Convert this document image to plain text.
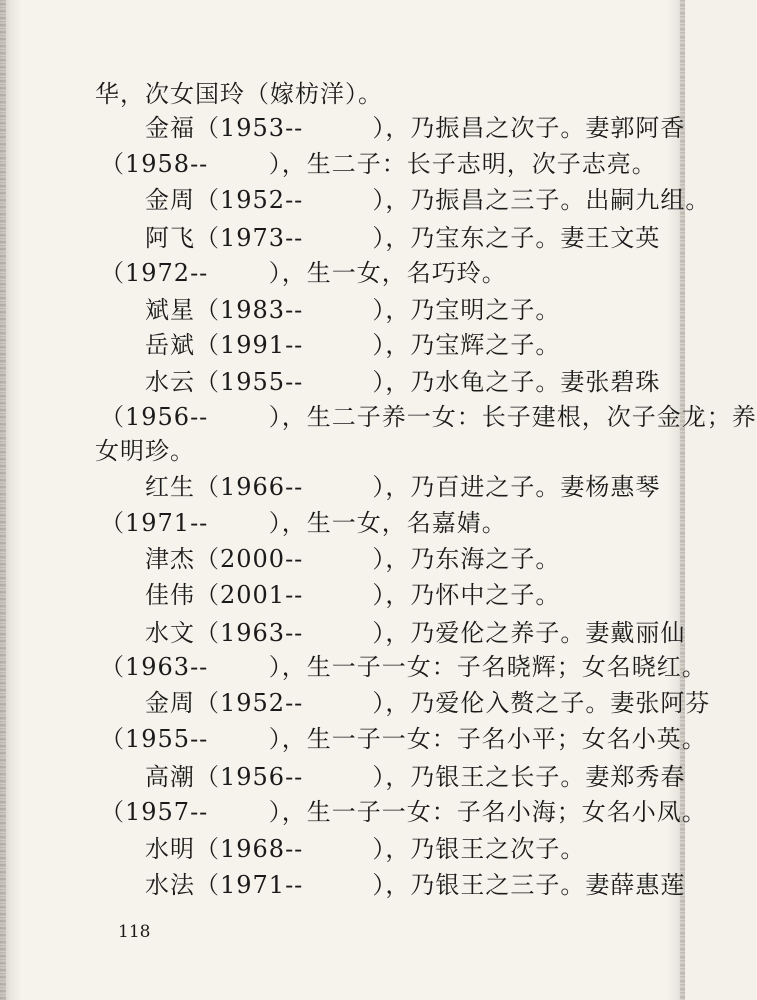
华，次女国玲（嫁枋洋）。
金福（1953--        ），乃振昌之次子。妻郭阿香
（1958--       ），生二子：长子志明，次子志亮。
金周（1952--        ），乃振昌之三子。出嗣九组。
阿飞（1973--        ），乃宝东之子。妻王文英
（1972--       ），生一女，名巧玲。
斌星（1983--        ），乃宝明之子。
岳斌（1991--        ），乃宝辉之子。
水云（1955--        ），乃水龟之子。妻张碧珠
（1956--       ），生二子养一女：长子建根，次子金龙；养
女明珍。
红生（1966--        ），乃百进之子。妻杨惠琴
（1971--       ），生一女，名嘉婧。
津杰（2000--        ），乃东海之子。
佳伟（2001--        ），乃怀中之子。
水文（1963--        ），乃爱伦之养子。妻戴丽仙
（1963--       ），生一子一女：子名晓辉；女名晓红。
金周（1952--        ），乃爱伦入赘之子。妻张阿芬
（1955--       ），生一子一女：子名小平；女名小英。
高潮（1956--        ），乃银王之长子。妻郑秀春
（1957--       ），生一子一女：子名小海；女名小凤。
水明（1968--        ），乃银王之次子。
水法（1971--        ），乃银王之三子。妻薛惠莲
118
